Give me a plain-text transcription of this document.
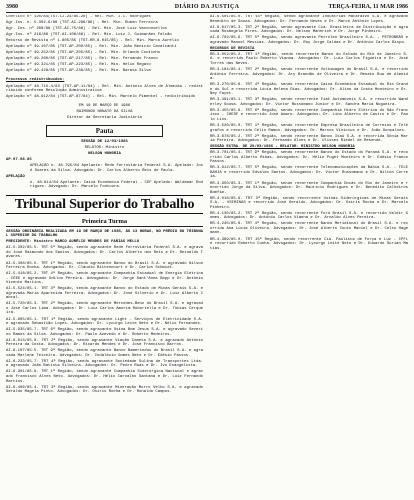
3980	DIÁRIO DA JUSTIÇA	TERÇA-FEIRA, 11 MAR 1986

Conflito nº 120/84(TST-CJ-24/85-2R) - Rel. Min. J.C. Rodrigues

Agr.Ins. n. 5.302-6/86 (TST-AI-296/86) - Rel. Min. Ruben Ferreira

Agr. Ins. nº 208/86 (TST-AI-75/86) - Rel. Min. José Luiz Vasconcellos

Agr.Ins. nº 216/86 (TST-AI-106/86) - Rel. Min. Luiz J. Guimarães Falcão

Recurso de Revista nº 1.805/85 (TST-RR-8.015/85) - Rel. Min. Marco Aurélio

Apelação nº 49.107/85 (TST-AP-200/85) - Rel. Min. João Benício Cavalcanti

Apelação nº 49.252/85 (TST-AP-205/85) - Rel. Min. Orlando Coutinho

Apelação nº 49.260/85 (TST-AP-217/85) - Rel. Min. Fernando Franco

Apelação nº 49.321/85 (TST-AP-223/85) - Rel. Min. Hélio Regato

Apelação nº 49.428/85 (TST-AP-236/85) - Rel. Min. Barata Silva

Processos redistribuídos:

Apelação nº 48.715-4/83 (TST-AP-11/84) - Rel. Min. Antônio Alves de Almeida - redistribuído conforme Resolução Administrativa

Apelação nº 48.912/84 (TST-AP-87/84) - Rel. Min. Marcelo Pimentel - redistribuído

EM 10 DE MARÇO DE 1986

RAIMUNDO NONATO DA SILVA

Diretor da Secretaria Judiciária

Pauta

SESSÃO DE 12/03/1986

RELATOR: Ministro

NELSON HUNGRIA

AP.07.08.86

APELAÇÃO n. 48.795/84 Apelante: Rede Ferroviária Federal S.A. Apelado: José Soares da Silva. Advogado: Dr. Carlos Alberto Reis de Paula.

APELAÇÃO

n. 48.914/84 Apelante: Caixa Econômica Federal - CEF Apelado: Waldemar Rodrigues. Advogado: Dr. Marcelo Fontoura.

Tribunal Superior do Trabalho
Primeira Turma

SESSÃO ORDINÁRIA REALIZADA EM 18 DE MARÇO DE 1986, ÀS 13 HORAS, NO PRÉDIO DO TRIBUNAL SUPERIOR DO TRABALHO

PRESIDENTE: Ministro MARCO AURÉLIO MENDES DE FARIAS MELLO

AI-5.302/85.5. TRT 5ª Região, sendo agravante Rede Ferroviária Federal S.A. e agravado José Raimundo dos Santos. Advogados: Dr. Carlos Alberto dos Reis e Dr. Reinaldo Tavares.

AI-5.408/85.5. TRT 1ª Região, sendo agravante Banco do Brasil S.A. e agravado Nilson Ferreira Rocha. Advogados: Dr. Cláudio Bittencourt e Dr. Carlos Schmidt.

AI-5.418/85.2. TRT 4ª Região, sendo agravante Companhia Estadual de Energia Elétrica - CEEE e agravado Odilon Pereira. Advogados: Dr. Jorge Sant'Anna Bopp e Dr. Antônio Vicente Martins.

AI-5.524/85.1. TRT 3ª Região, sendo agravante Banco do Estado de Minas Gerais S.A. e agravada Maria Aparecida Ferreira. Advogados: Dr. José Silvério e Dr. Luiz Alberto Cabral.

AI-5.720/85.3. TRT 2ª Região, sendo agravante Mercedes-Benz do Brasil S.A. e agravado José Carlos Lima. Advogados: Dr. Luiz Carlos Amorim Robortella e Dr. Tobias Cerqueira.

AI-5.805/85.1. TRT 1ª Região, sendo agravante Light - Serviços de Eletricidade S.A. e agravado Sebastião Lopes. Advogados: Dr. Lycurgo Leite Neto e Dr. Nélio Fernandes.

AI-5.935/85.7. TRT 6ª Região, sendo agravante Usina Bom Jesus S.A. e agravado Severino Ramos da Silva. Advogados: Dr. Paulo Azevedo e Dr. Roberto Medeiros.

AI-6.013/85.0. TRT 2ª Região, sendo agravante Viação Cometa S.A. e agravado Antônio Pereira da Costa. Advogados: Dr. Ricardo Mendes e Dr. José Francisco Barros.

AI-6.107/85.5. TRT 9ª Região, sendo agravante Banco Bamerindus do Brasil S.A. e agravada Marlene Teixeira. Advogados: Dr. Indalécio Gomes Neto e Dr. Edésio Passos.

AI-6.233/85.7. TRT 4ª Região, sendo agravante Sociedade Sulina de Transportes Ltda. e agravado João Batista Silveira. Advogados: Dr. Pedro Ruas e Dr. Ivo Evangelista.

AI-6.301/85.9. TRT 1ª Região, sendo agravante Companhia Siderúrgica Nacional e agravado Francisco Alves Neto. Advogados: Dr. Hélio Carvalho Santana e Dr. Luiz Fernando Martins.

AI-6.406/85.4. TRT 3ª Região, sendo agravante Mineração Morro Velho S.A. e agravado Geraldo Magela Pinto. Advogados: Dr. Osiris Rocha e Dr. Ronaldo Campos.

AI-6.501/85.0. TRT 15ª Região, sendo agravante Indústrias Matarazzo S.A. e agravado Benedito de Souza. Advogados: Dr. Fernando Neves e Dr. Marco Antônio Lopes.

AI-6.617/85.3. TRT 2ª Região, sendo agravante Cia. Brasileira de Distribuição e agravada Rosângela Pires. Advogados: Dr. Nelson Mannrich e Dr. Jorge Pinheiro.

AI-6.702/85.6. TRT 5ª Região, sendo agravante Petróleo Brasileiro S.A. - PETROBRÁS e agravado Manoel Messias. Advogados: Dr. Ruy Jorge Caldas e Dr. Antônio Carlos Bispo.

RECURSOS DE REVISTA

RR-3.052/85.2. TRT 1ª Região, sendo recorrente Banco do Estado do Rio de Janeiro S.A. e recorrido Paulo Roberto Vianna. Advogados: Dr. Luiz Carlos Figueira e Dr. José Torres das Neves.

RR-3.184/85.4. TRT 2ª Região, sendo recorrente Volkswagen do Brasil S.A. e recorrido Antônio Ferreira. Advogados: Dr. Ary Brandão de Oliveira e Dr. Renato Rua de Almeida.

RR-3.270/85.6. TRT 4ª Região, sendo recorrente Caixa Econômica Estadual do Rio Grande do Sul e recorrida Lúcia Helena Dias. Advogados: Dr. Alino da Costa Monteiro e Dr. Ney Fayet.

RR-3.391/85.1. TRT 3ª Região, sendo recorrente Fiat Automóveis S.A. e recorrido Wanderley Sousa. Advogados: Dr. Victor Russomano Júnior e Dr. Sandra Maria Nogueira.

RR-3.455/85.8. TRT 6ª Região, sendo recorrente Companhia Hidro Elétrica do São Francisco - CHESF e recorrido José Amaro. Advogados: Dr. Lino Alberto de Castro e Dr. Paulo Lins.

RR-3.520/85.0. TRT 1ª Região, sendo recorrente Empresa Brasileira de Correios e Telégrafos e recorrido Célio Ramos. Advogados: Dr. Marcos Vinícius e Dr. João Gonçalves.

RR-3.678/85.2. TRT 2ª Região, sendo recorrente Banco Itaú S.A. e recorrida Sônia Maria Pereira. Advogados: Dr. Fernando Alves e Dr. Ulisses Riedel de Resende.

SESSÃO EXTRA. DE 20/03/1986 - RELATOR: MINISTRO NELSON HUNGRIA

RR-3.701/85.4. TRT 9ª Região, sendo recorrente Banco do Estado do Paraná S.A. e recorrido Carlos Alberto Ribas. Advogados: Dr. Hélio Puget Monteiro e Dr. Edésio Franco Passos.

RR-3.812/85.7. TRT 5ª Região, sendo recorrente Telecomunicações da Bahia S.A. - TELEBAHIA e recorrido Edvaldo Santos. Advogados: Dr. Victor Russomano e Dr. Nilton Correia.

RR-3.950/85.3. TRT 1ª Região, sendo recorrente Companhia Docas do Rio de Janeiro e recorrido Jorge da Silva. Advogados: Dr. Maurício Rodrigues e Dr. Benedito Calheiros Bomfim.

RR-4.016/85.9. TRT 3ª Região, sendo recorrente Usinas Siderúrgicas de Minas Gerais S.A. - USIMINAS e recorrido José Geraldo. Advogados: Dr. Osiris Rocha e Dr. Marcelo Pinheiro.

RR-4.130/85.2. TRT 2ª Região, sendo recorrente Ford Brasil S.A. e recorrido Valdir Gomes. Advogados: Dr. Antônio Carlos Vianna e Dr. Arnaldo Alves Pereira.

RR-4.245/85.6. TRT 4ª Região, sendo recorrente Banco Meridional do Brasil S.A. e recorrida Ana Lúcia Oliveira. Advogados: Dr. José Alberto Couto Maciel e Dr. Celso Hagemann.

RR-4.389/85.0. TRT 15ª Região, sendo recorrente Cia. Paulista de Força e Luz - CPFL e recorrido Roberto Cunha. Advogados: Dr. Lycurgo Leite Neto e Dr. Eduardo Surian Matias.
